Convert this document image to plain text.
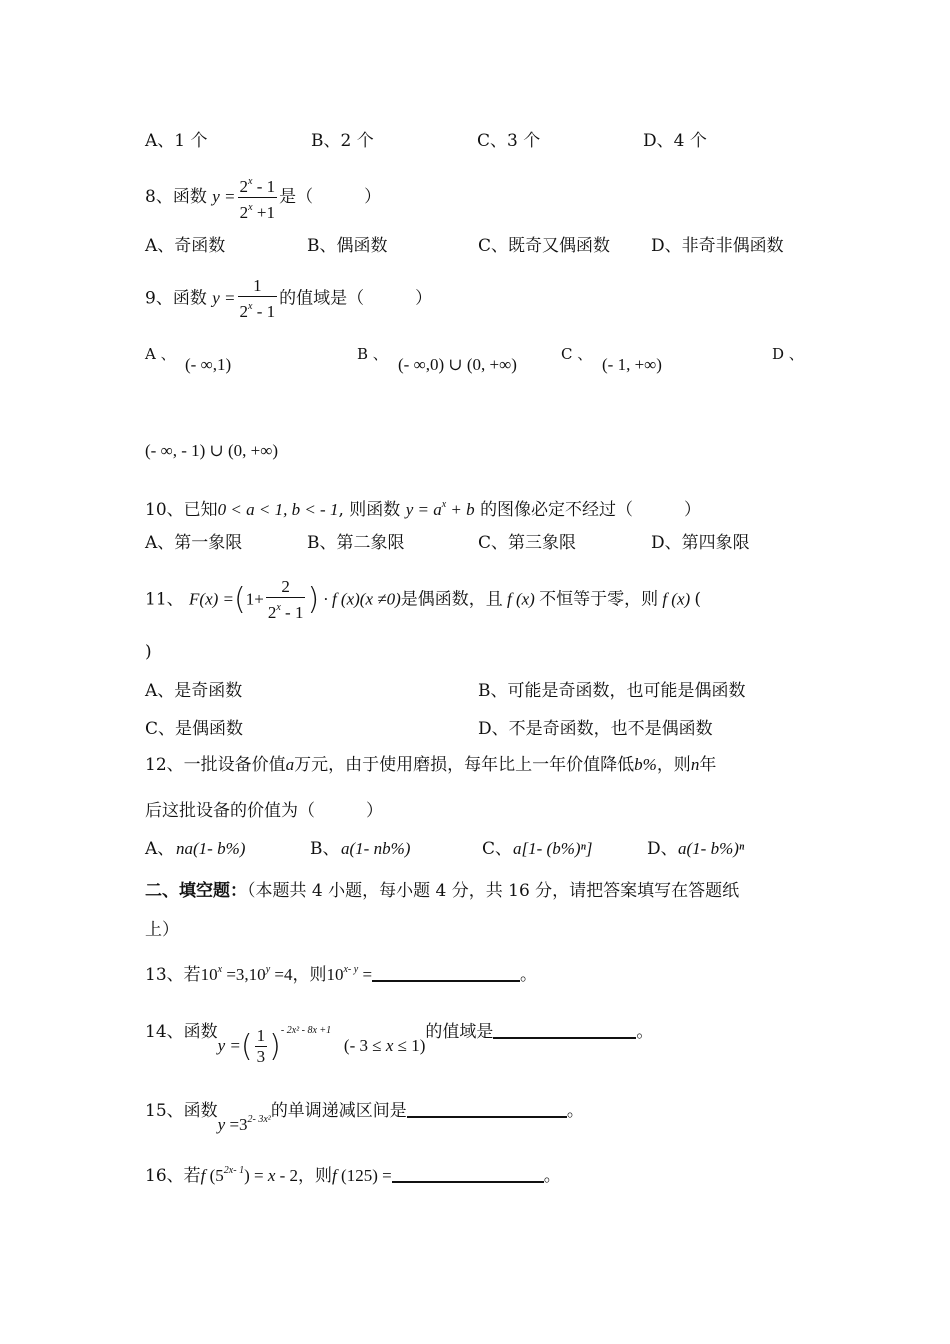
A、1 个	B、2 个	C、3 个	D、4 个
8、函数 $y = \frac{2^x - 1}{2^x +1}$ 是（　　　）
A、奇函数	B、偶函数	C、既奇又偶函数 D、非奇非偶函数
9、函数 $y = \frac{1}{2^x - 1}$ 的值域是（　　　）
A 、
(- ∞,1)
B 、
(- ∞,0) ∪ (0, +∞)
C 、
(- 1, +∞)
D 、
(- ∞, - 1) ∪ (0, +∞)
10、已知0 < a < 1, b < - 1, 则函数 $y = a^x + b$ 的图像必定不经过（　　　）
A、第一象限	B、第二象限	C、第三象限	D、第四象限
11、 $F(x) =(1+ \frac{2}{2^x - 1}$ ) · f (x)(x ≠0)是偶函数，且 f (x) 不恒等于零，则 f (x) (
)
A、是奇函数	B、可能是奇函数，也可能是偶函数
C、是偶函数	D、不是奇函数，也不是偶函数
12、一批设备价值a万元，由于使用磨损，每年比上一年价值降低b%，则n年
后这批设备的价值为（　　　）
A、 na(1- b%)	B、 a(1- nb%)	C、 a[1- (b%)ⁿ]	D、 a(1- b%)ⁿ
二、填空题：（本题共 4 小题，每小题 4 分，共 16 分，请把答案填写在答题纸
上）
13、若$10^x =3,10^y =4$，则$10^{x- y}$ =	。
14、函数y =( $\frac{1}{3} )^{- 2x^2 - 8x +1}$   (- 3 ≤ x ≤ 1)的值域是	。
15、函数$y =3^{2- 3x^2}$的单调递减区间是	。
16、若f $(5^{2x- 1}) = x - 2$，则f (125) =	。
